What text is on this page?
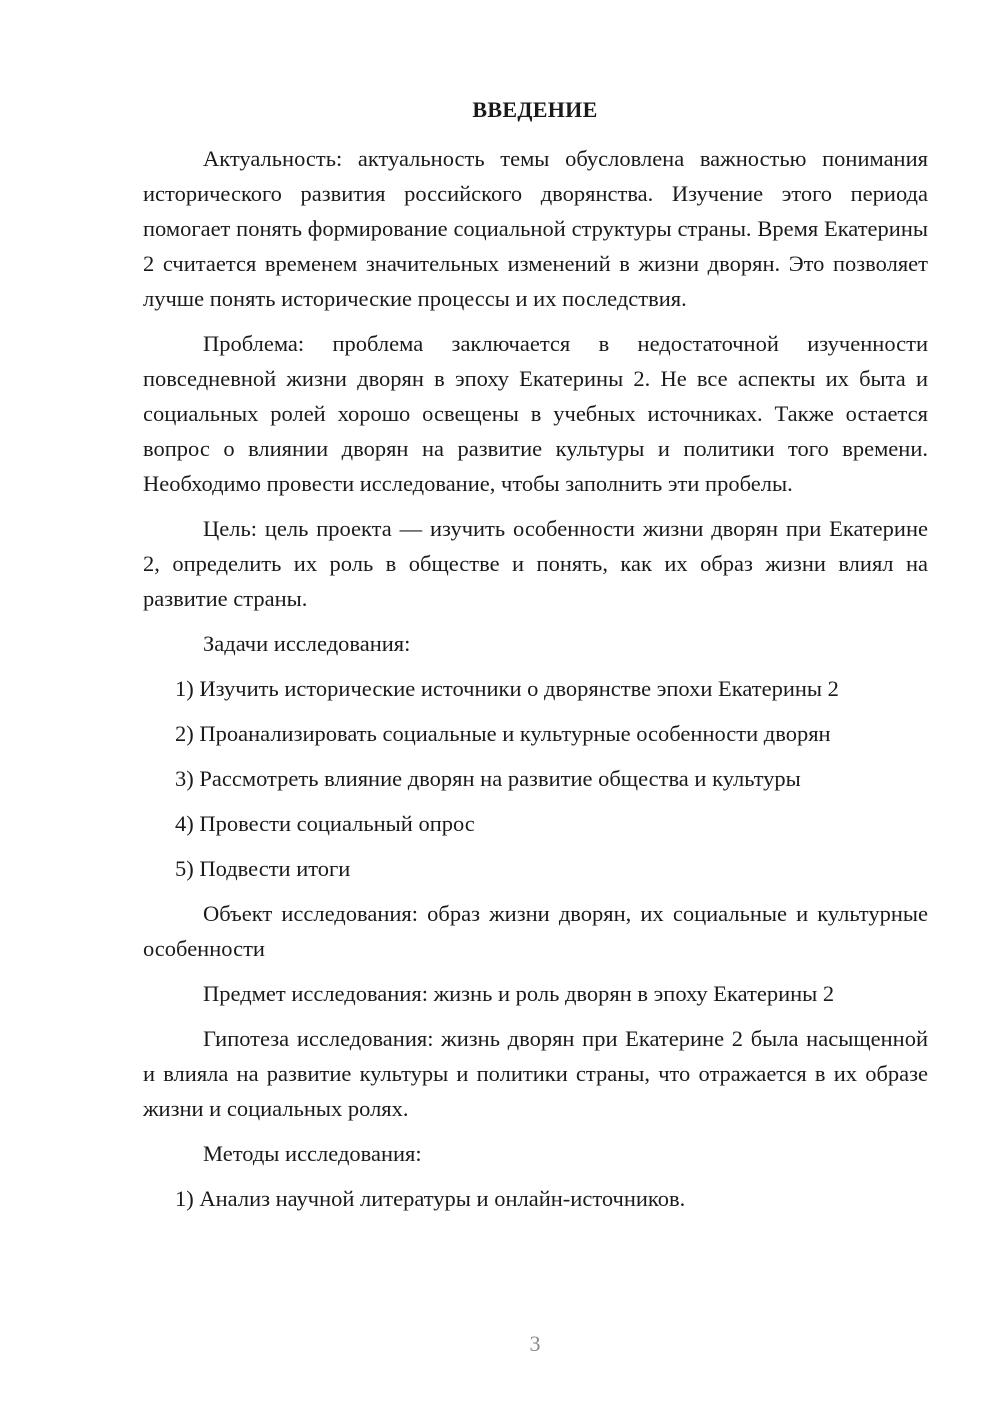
ВВЕДЕНИЕ

Актуальность: актуальность темы обусловлена важностью понимания исторического развития российского дворянства. Изучение этого периода помогает понять формирование социальной структуры страны. Время Екатерины 2 считается временем значительных изменений в жизни дворян. Это позволяет лучше понять исторические процессы и их последствия.

Проблема: проблема заключается в недостаточной изученности повседневной жизни дворян в эпоху Екатерины 2. Не все аспекты их быта и социальных ролей хорошо освещены в учебных источниках. Также остается вопрос о влиянии дворян на развитие культуры и политики того времени. Необходимо провести исследование, чтобы заполнить эти пробелы.

Цель: цель проекта — изучить особенности жизни дворян при Екатерине 2, определить их роль в обществе и понять, как их образ жизни влиял на развитие страны.

Задачи исследования:

1) Изучить исторические источники о дворянстве эпохи Екатерины 2

2) Проанализировать социальные и культурные особенности дворян

3) Рассмотреть влияние дворян на развитие общества и культуры

4) Провести социальный опрос

5) Подвести итоги

Объект исследования: образ жизни дворян, их социальные и культурные особенности

Предмет исследования: жизнь и роль дворян в эпоху Екатерины 2

Гипотеза исследования: жизнь дворян при Екатерине 2 была насыщенной и влияла на развитие культуры и политики страны, что отражается в их образе жизни и социальных ролях.

Методы исследования:

1) Анализ научной литературы и онлайн-источников.

3
